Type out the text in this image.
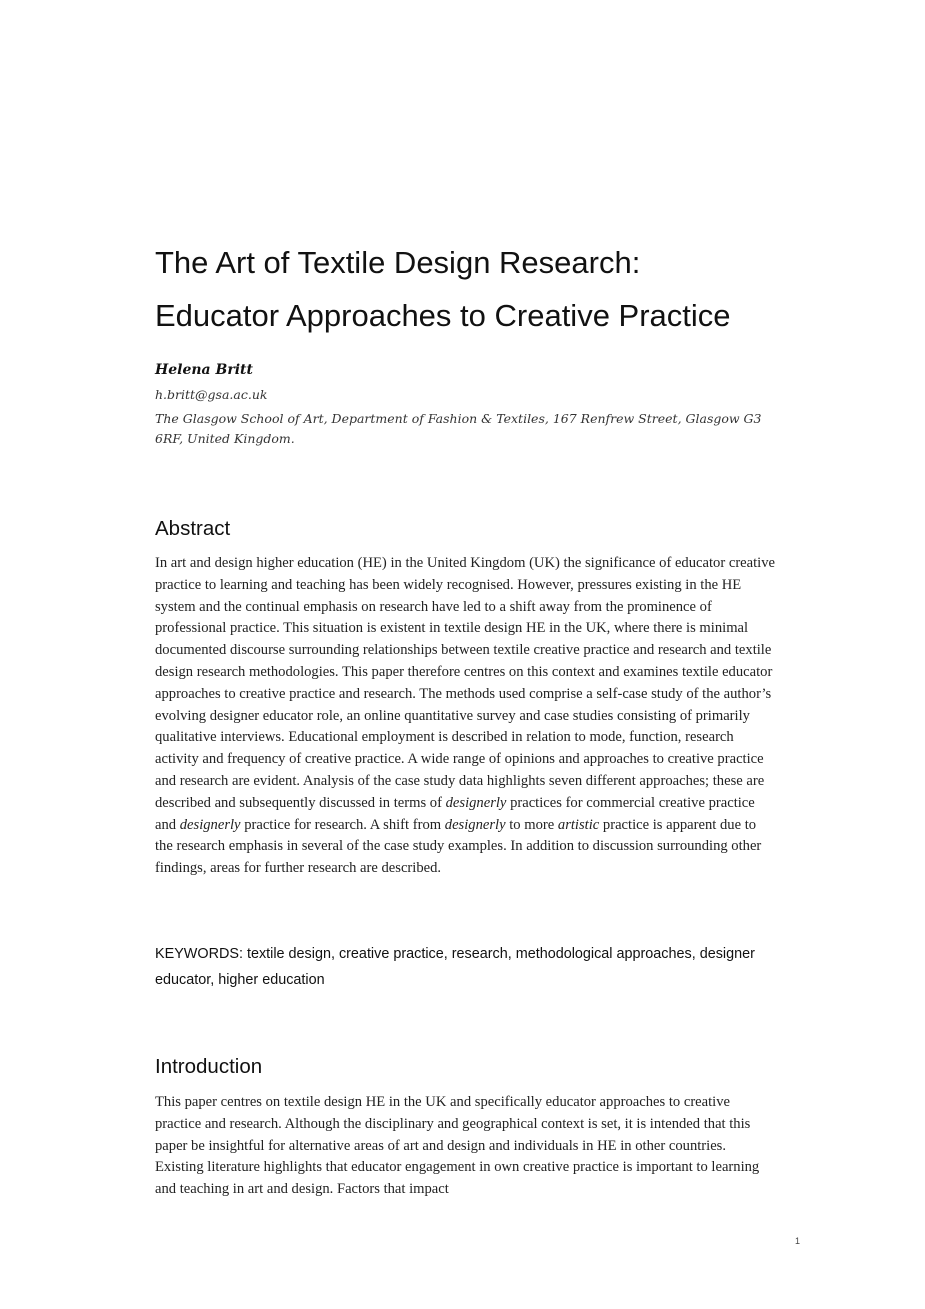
The Art of Textile Design Research:
Educator Approaches to Creative Practice

Helena Britt

h.britt@gsa.ac.uk

The Glasgow School of Art, Department of Fashion & Textiles, 167 Renfrew Street, Glasgow G3 6RF, United Kingdom.

Abstract

In art and design higher education (HE) in the United Kingdom (UK) the significance of educator creative practice to learning and teaching has been widely recognised. However, pressures existing in the HE system and the continual emphasis on research have led to a shift away from the prominence of professional practice. This situation is existent in textile design HE in the UK, where there is minimal documented discourse surrounding relationships between textile creative practice and research and textile design research methodologies. This paper therefore centres on this context and examines textile educator approaches to creative practice and research. The methods used comprise a self-case study of the author’s evolving designer educator role, an online quantitative survey and case studies consisting of primarily qualitative interviews. Educational employment is described in relation to mode, function, research activity and frequency of creative practice. A wide range of opinions and approaches to creative practice and research are evident. Analysis of the case study data highlights seven different approaches; these are described and subsequently discussed in terms of designerly practices for commercial creative practice and designerly practice for research. A shift from designerly to more artistic practice is apparent due to the research emphasis in several of the case study examples. In addition to discussion surrounding other findings, areas for further research are described.

KEYWORDS: textile design, creative practice, research, methodological approaches, designer educator, higher education

Introduction

This paper centres on textile design HE in the UK and specifically educator approaches to creative practice and research. Although the disciplinary and geographical context is set, it is intended that this paper be insightful for alternative areas of art and design and individuals in HE in other countries. Existing literature highlights that educator engagement in own creative practice is important to learning and teaching in art and design. Factors that impact

1
